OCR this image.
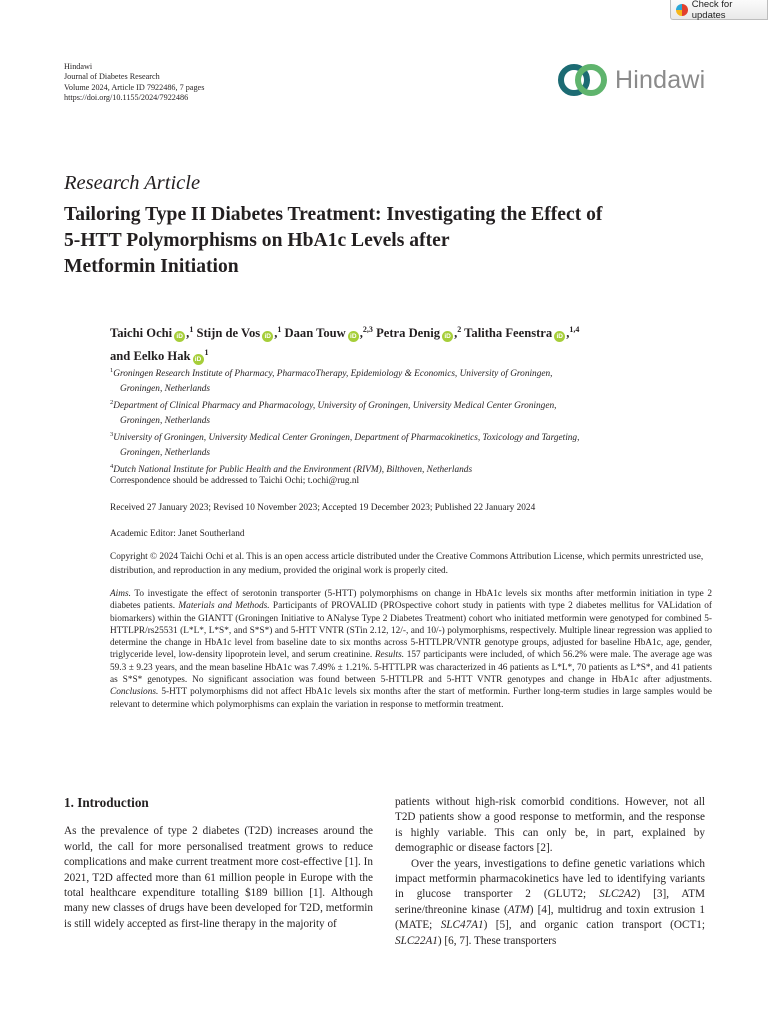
Check for updates
Hindawi
Journal of Diabetes Research
Volume 2024, Article ID 7922486, 7 pages
https://doi.org/10.1155/2024/7922486
Hindawi
Research Article
Tailoring Type II Diabetes Treatment: Investigating the Effect of
5-HTT Polymorphisms on HbA1c Levels after
Metformin Initiation
Taichi Ochi iD ,$^1$ Stijn de Vos iD ,$^1$ Daan Touw iD ,$^{2,3}$ Petra Denig iD ,$^2$ Talitha Feenstra iD ,$^{1,4}$
and Eelko Hak $iD^1$
$^1$Groningen Research Institute of Pharmacy, PharmacoTherapy, Epidemiology & Economics, University of Groningen,
Groningen, Netherlands
$^2$Department of Clinical Pharmacy and Pharmacology, University of Groningen, University Medical Center Groningen,
Groningen, Netherlands
$^3$University of Groningen, University Medical Center Groningen, Department of Pharmacokinetics, Toxicology and Targeting,
Groningen, Netherlands
$^4$Dutch National Institute for Public Health and the Environment (RIVM), Bilthoven, Netherlands
Correspondence should be addressed to Taichi Ochi; t.ochi@rug.nl
Received 27 January 2023; Revised 10 November 2023; Accepted 19 December 2023; Published 22 January 2024
Academic Editor: Janet Southerland
Copyright © 2024 Taichi Ochi et al. This is an open access article distributed under the Creative Commons Attribution License, which permits unrestricted use, distribution, and reproduction in any medium, provided the original work is properly cited.
Aims. To investigate the effect of serotonin transporter (5-HTT) polymorphisms on change in HbA1c levels six months after metformin initiation in type 2 diabetes patients. Materials and Methods. Participants of PROVALID (PROspective cohort study in patients with type 2 diabetes mellitus for VALidation of biomarkers) within the GIANTT (Groningen Initiative to ANalyse Type 2 Diabetes Treatment) cohort who initiated metformin were genotyped for combined 5-HTTLPR/rs25531 (L*L*, L*S*, and S*S*) and 5-HTT VNTR (STin 2.12, 12/-, and 10/-) polymorphisms, respectively. Multiple linear regression was applied to determine the change in HbA1c level from baseline date to six months across 5-HTTLPR/VNTR genotype groups, adjusted for baseline HbA1c, age, gender, triglyceride level, low-density lipoprotein level, and serum creatinine. Results. 157 participants were included, of which 56.2% were male. The average age was 59.3 ± 9.23 years, and the mean baseline HbA1c was 7.49% ± 1.21%. 5-HTTLPR was characterized in 46 patients as L*L*, 70 patients as L*S*, and 41 patients as S*S* genotypes. No significant association was found between 5-HTTLPR and 5-HTT VNTR genotypes and change in HbA1c after adjustments. Conclusions. 5-HTT polymorphisms did not affect HbA1c levels six months after the start of metformin. Further long-term studies in large samples would be relevant to determine which polymorphisms can explain the variation in response to metformin treatment.
1. Introduction

As the prevalence of type 2 diabetes (T2D) increases around the world, the call for more personalised treatment grows to reduce complications and make current treatment more cost-effective [1]. In 2021, T2D affected more than 61 million people in Europe with the total healthcare expenditure totalling $189 billion [1]. Although many new classes of drugs have been developed for T2D, metformin is still widely accepted as first-line therapy in the majority of

patients without high-risk comorbid conditions. However, not all T2D patients show a good response to metformin, and the response is highly variable. This can only be, in part, explained by demographic or disease factors [2].

Over the years, investigations to define genetic variations which impact metformin pharmacokinetics have led to identifying variants in glucose transporter 2 (GLUT2; SLC2A2) [3], ATM serine/threonine kinase (ATM) [4], multidrug and toxin extrusion 1 (MATE; SLC47A1) [5], and organic cation transport (OCT1; SLC22A1) [6, 7]. These transporters
